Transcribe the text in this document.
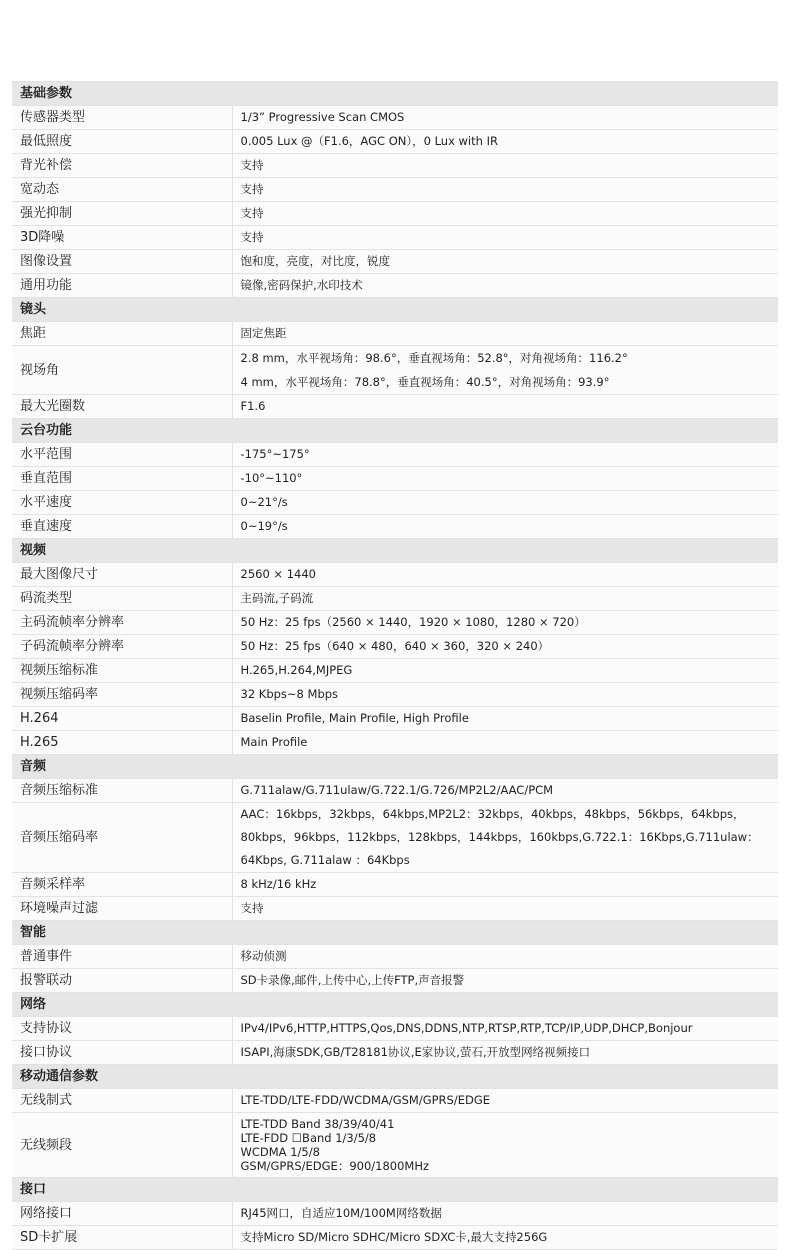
基础参数	
传感器类型	1/3” Progressive Scan CMOS

最低照度	0.005 Lux @（F1.6，AGC ON），0 Lux with IR

背光补偿	支持

宽动态	支持

强光抑制	支持

3D降噪	支持

图像设置	饱和度，亮度，对比度，锐度

通用功能	镜像,密码保护,水印技术

镜头	
焦距	固定焦距

视场角	2.8 mm，水平视场角：98.6°，垂直视场角：52.8°，对角视场角：116.2°
4 mm，水平视场角：78.8°，垂直视场角：40.5°，对角视场角：93.9°

最大光圈数	F1.6

云台功能	
水平范围	-175°~175°

垂直范围	-10°~110°

水平速度	0~21°/s

垂直速度	0~19°/s

视频	
最大图像尺寸	2560 × 1440

码流类型	主码流,子码流

主码流帧率分辨率	50 Hz：25 fps（2560 × 1440，1920 × 1080，1280 × 720）

子码流帧率分辨率	50 Hz：25 fps（640 × 480，640 × 360，320 × 240）

视频压缩标准	H.265,H.264,MJPEG

视频压缩码率	32 Kbps~8 Mbps

H.264	Baselin Profile, Main Profile, High Profile

H.265	Main Profile

音频	
音频压缩标准	G.711alaw/G.711ulaw/G.722.1/G.726/MP2L2/AAC/PCM

音频压缩码率	AAC：16kbps，32kbps，64kbps,MP2L2：32kbps，40kbps，48kbps，56kbps，64kbps，
80kbps，96kbps，112kbps，128kbps，144kbps，160kbps,G.722.1：16Kbps,G.711ulaw：
64Kbps, G.711alaw ：64Kbps

音频采样率	8 kHz/16 kHz

环境噪声过滤	支持

智能	
普通事件	移动侦测

报警联动	SD卡录像,邮件,上传中心,上传FTP,声音报警

网络	
支持协议	IPv4/IPv6,HTTP,HTTPS,Qos,DNS,DDNS,NTP,RTSP,RTP,TCP/IP,UDP,DHCP,Bonjour

接口协议	ISAPI,海康SDK,GB/T28181协议,E家协议,萤石,开放型网络视频接口

移动通信参数	
无线制式	LTE-TDD/LTE-FDD/WCDMA/GSM/GPRS/EDGE

无线频段	LTE-TDD Band 38/39/40/41
LTE-FDD ☐Band 1/3/5/8
WCDMA 1/5/8
GSM/GPRS/EDGE：900/1800MHz

接口	
网络接口	RJ45网口，自适应10M/100M网络数据

SD卡扩展	支持Micro SD/Micro SDHC/Micro SDXC卡,最大支持256G
